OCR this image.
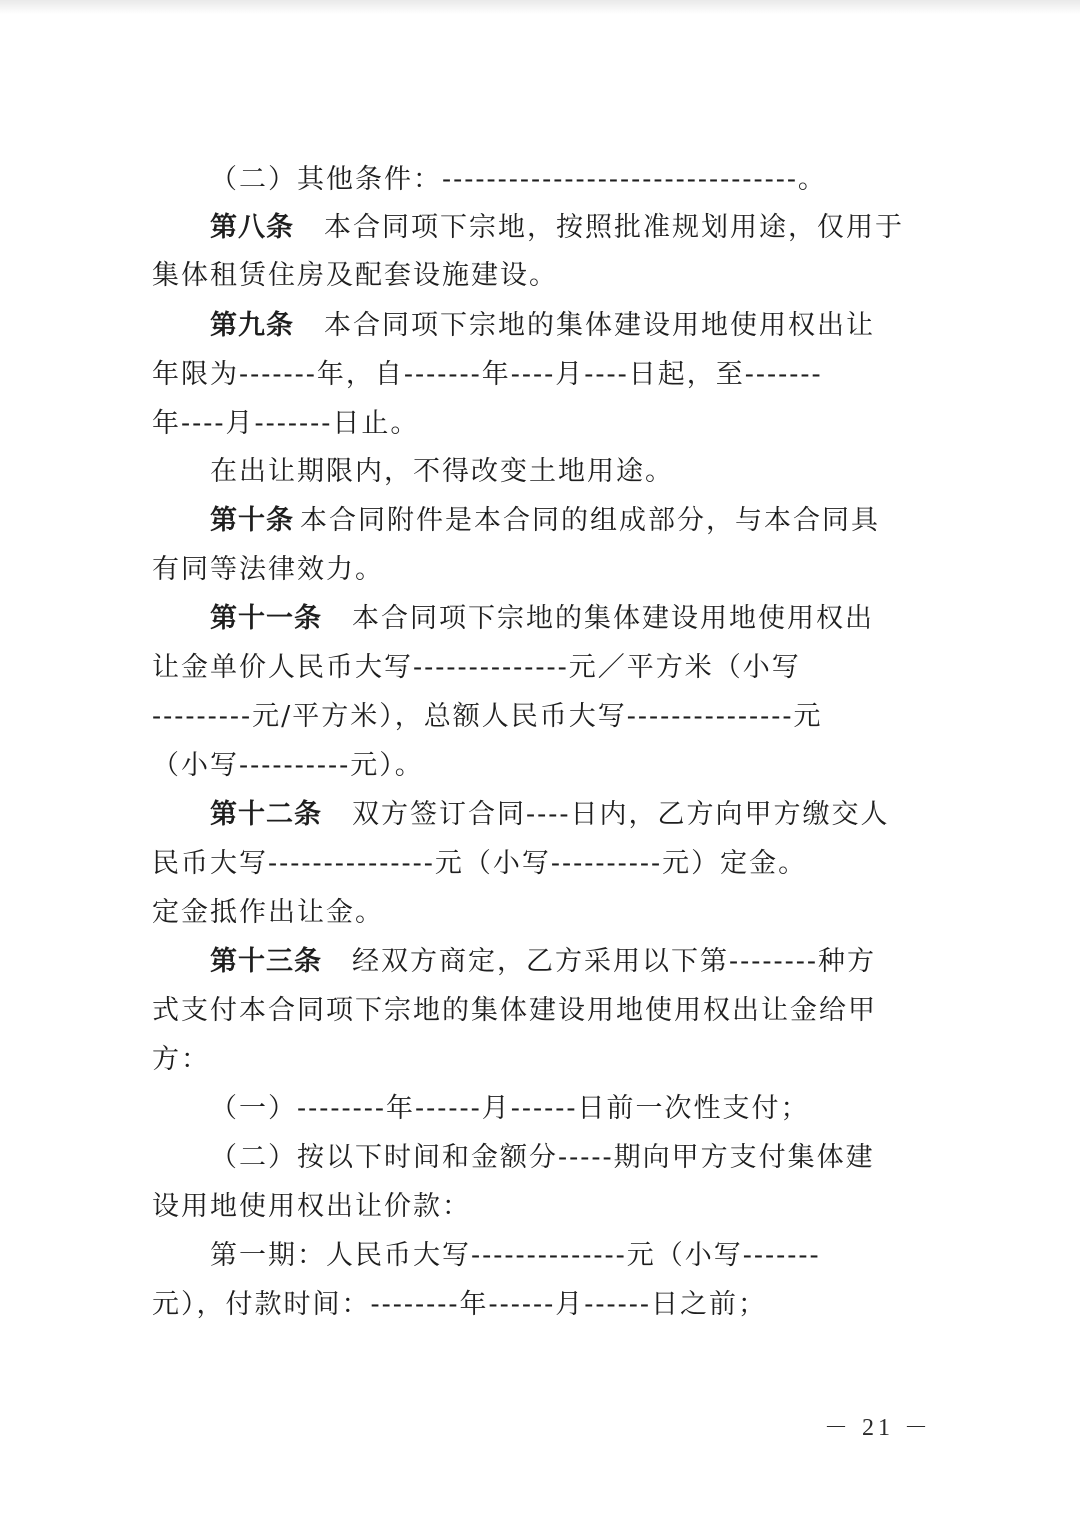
（二）其他条件：--------------------------------。
第八条 本合同项下宗地，按照批准规划用途，仅用于
集体租赁住房及配套设施建设。
第九条 本合同项下宗地的集体建设用地使用权出让
年限为-------年，自-------年----月----日起，至-------
年----月-------日止。
在出让期限内，不得改变土地用途。
第十条 本合同附件是本合同的组成部分，与本合同具
有同等法律效力。
第十一条 本合同项下宗地的集体建设用地使用权出
让金单价人民币大写--------------元／平方米（小写
---------元/平方米），总额人民币大写---------------元
（小写----------元）。
第十二条 双方签订合同----日内，乙方向甲方缴交人
民币大写---------------元（小写----------元）定金。
定金抵作出让金。
第十三条 经双方商定，乙方采用以下第--------种方
式支付本合同项下宗地的集体建设用地使用权出让金给甲
方：
（一）--------年------月------日前一次性支付；
（二）按以下时间和金额分-----期向甲方支付集体建
设用地使用权出让价款：
第一期：人民币大写--------------元（小写-------
元），付款时间：--------年------月------日之前；
－ 21 －
